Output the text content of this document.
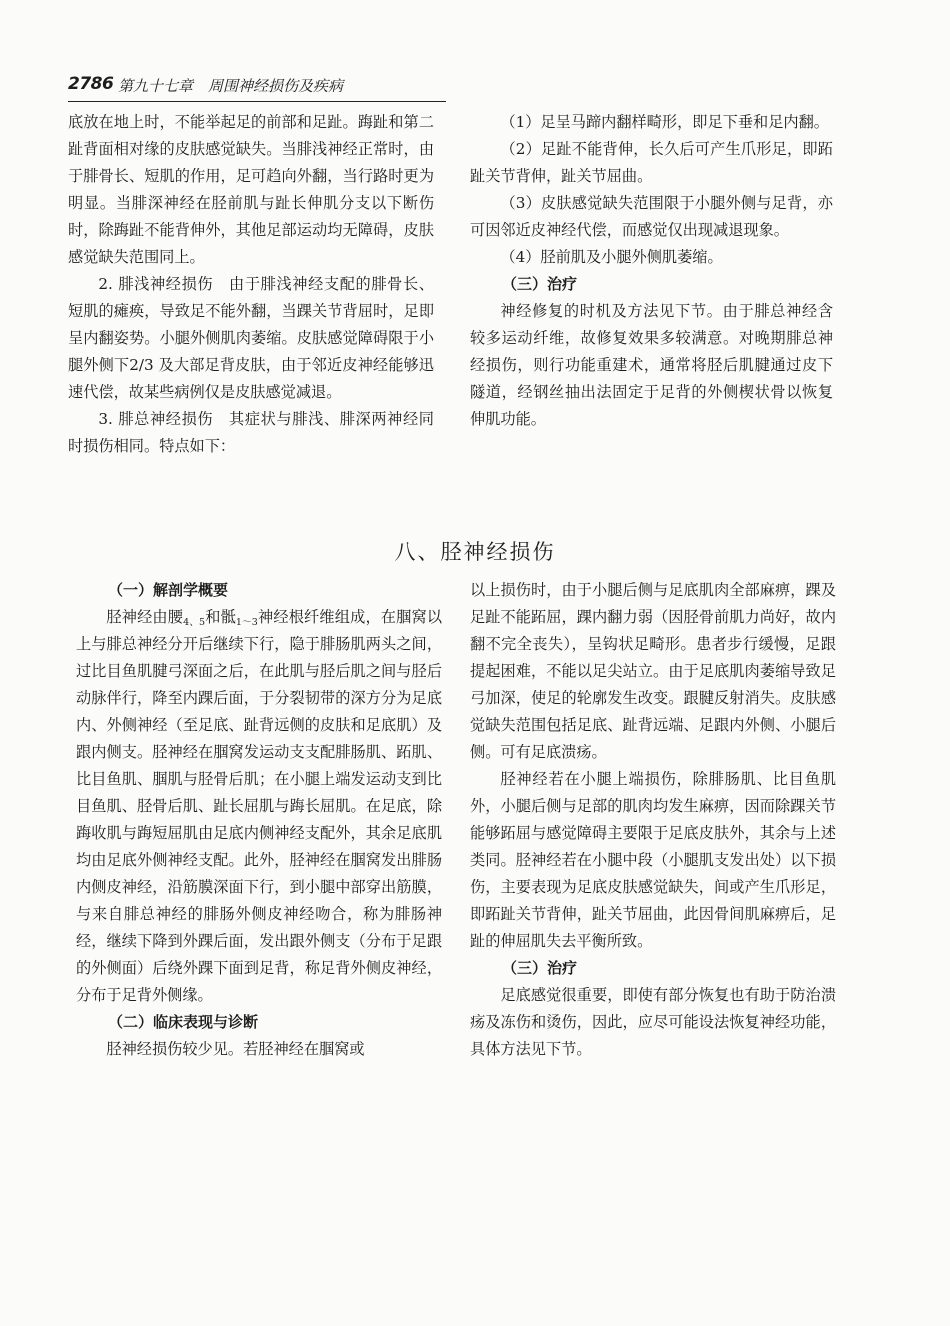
2786 第九十七章　周围神经损伤及疾病

底放在地上时，不能举起足的前部和足趾。踇趾和第二趾背面相对缘的皮肤感觉缺失。当腓浅神经正常时，由于腓骨长、短肌的作用，足可趋向外翻，当行路时更为明显。当腓深神经在胫前肌与趾长伸肌分支以下断伤时，除踇趾不能背伸外，其他足部运动均无障碍，皮肤感觉缺失范围同上。

2. 腓浅神经损伤　由于腓浅神经支配的腓骨长、短肌的瘫痪，导致足不能外翻，当踝关节背屈时，足即呈内翻姿势。小腿外侧肌肉萎缩。皮肤感觉障碍限于小腿外侧下2/3 及大部足背皮肤，由于邻近皮神经能够迅速代偿，故某些病例仅是皮肤感觉减退。

3. 腓总神经损伤　其症状与腓浅、腓深两神经同时损伤相同。特点如下：

（1）足呈马蹄内翻样畸形，即足下垂和足内翻。

（2）足趾不能背伸，长久后可产生爪形足，即跖趾关节背伸，趾关节屈曲。

（3）皮肤感觉缺失范围限于小腿外侧与足背，亦可因邻近皮神经代偿，而感觉仅出现减退现象。

（4）胫前肌及小腿外侧肌萎缩。

（三）治疗

神经修复的时机及方法见下节。由于腓总神经含较多运动纤维，故修复效果多较满意。对晚期腓总神经损伤，则行功能重建术，通常将胫后肌腱通过皮下隧道，经钢丝抽出法固定于足背的外侧楔状骨以恢复伸肌功能。

八、胫神经损伤

（一）解剖学概要

胫神经由腰$_{4、5}$和骶$_{1\sim 3}$神经根纤维组成，在腘窝以上与腓总神经分开后继续下行，隐于腓肠肌两头之间，过比目鱼肌腱弓深面之后，在此肌与胫后肌之间与胫后动脉伴行，降至内踝后面，于分裂韧带的深方分为足底内、外侧神经（至足底、趾背远侧的皮肤和足底肌）及跟内侧支。胫神经在腘窝发运动支支配腓肠肌、跖肌、比目鱼肌、腘肌与胫骨后肌；在小腿上端发运动支到比目鱼肌、胫骨后肌、趾长屈肌与踇长屈肌。在足底，除踇收肌与踇短屈肌由足底内侧神经支配外，其余足底肌均由足底外侧神经支配。此外，胫神经在腘窝发出腓肠内侧皮神经，沿筋膜深面下行，到小腿中部穿出筋膜，与来自腓总神经的腓肠外侧皮神经吻合，称为腓肠神经，继续下降到外踝后面，发出跟外侧支（分布于足跟的外侧面）后绕外踝下面到足背，称足背外侧皮神经，分布于足背外侧缘。

（二）临床表现与诊断

胫神经损伤较少见。若胫神经在腘窝或

以上损伤时，由于小腿后侧与足底肌肉全部麻痹，踝及足趾不能跖屈，踝内翻力弱（因胫骨前肌力尚好，故内翻不完全丧失），呈钩状足畸形。患者步行缓慢，足跟提起困难，不能以足尖站立。由于足底肌肉萎缩导致足弓加深，使足的轮廓发生改变。跟腱反射消失。皮肤感觉缺失范围包括足底、趾背远端、足跟内外侧、小腿后侧。可有足底溃疡。

胫神经若在小腿上端损伤，除腓肠肌、比目鱼肌外，小腿后侧与足部的肌肉均发生麻痹，因而除踝关节能够跖屈与感觉障碍主要限于足底皮肤外，其余与上述类同。胫神经若在小腿中段（小腿肌支发出处）以下损伤，主要表现为足底皮肤感觉缺失，间或产生爪形足，即跖趾关节背伸，趾关节屈曲，此因骨间肌麻痹后，足趾的伸屈肌失去平衡所致。

（三）治疗

足底感觉很重要，即使有部分恢复也有助于防治溃疡及冻伤和烫伤，因此，应尽可能设法恢复神经功能，具体方法见下节。
